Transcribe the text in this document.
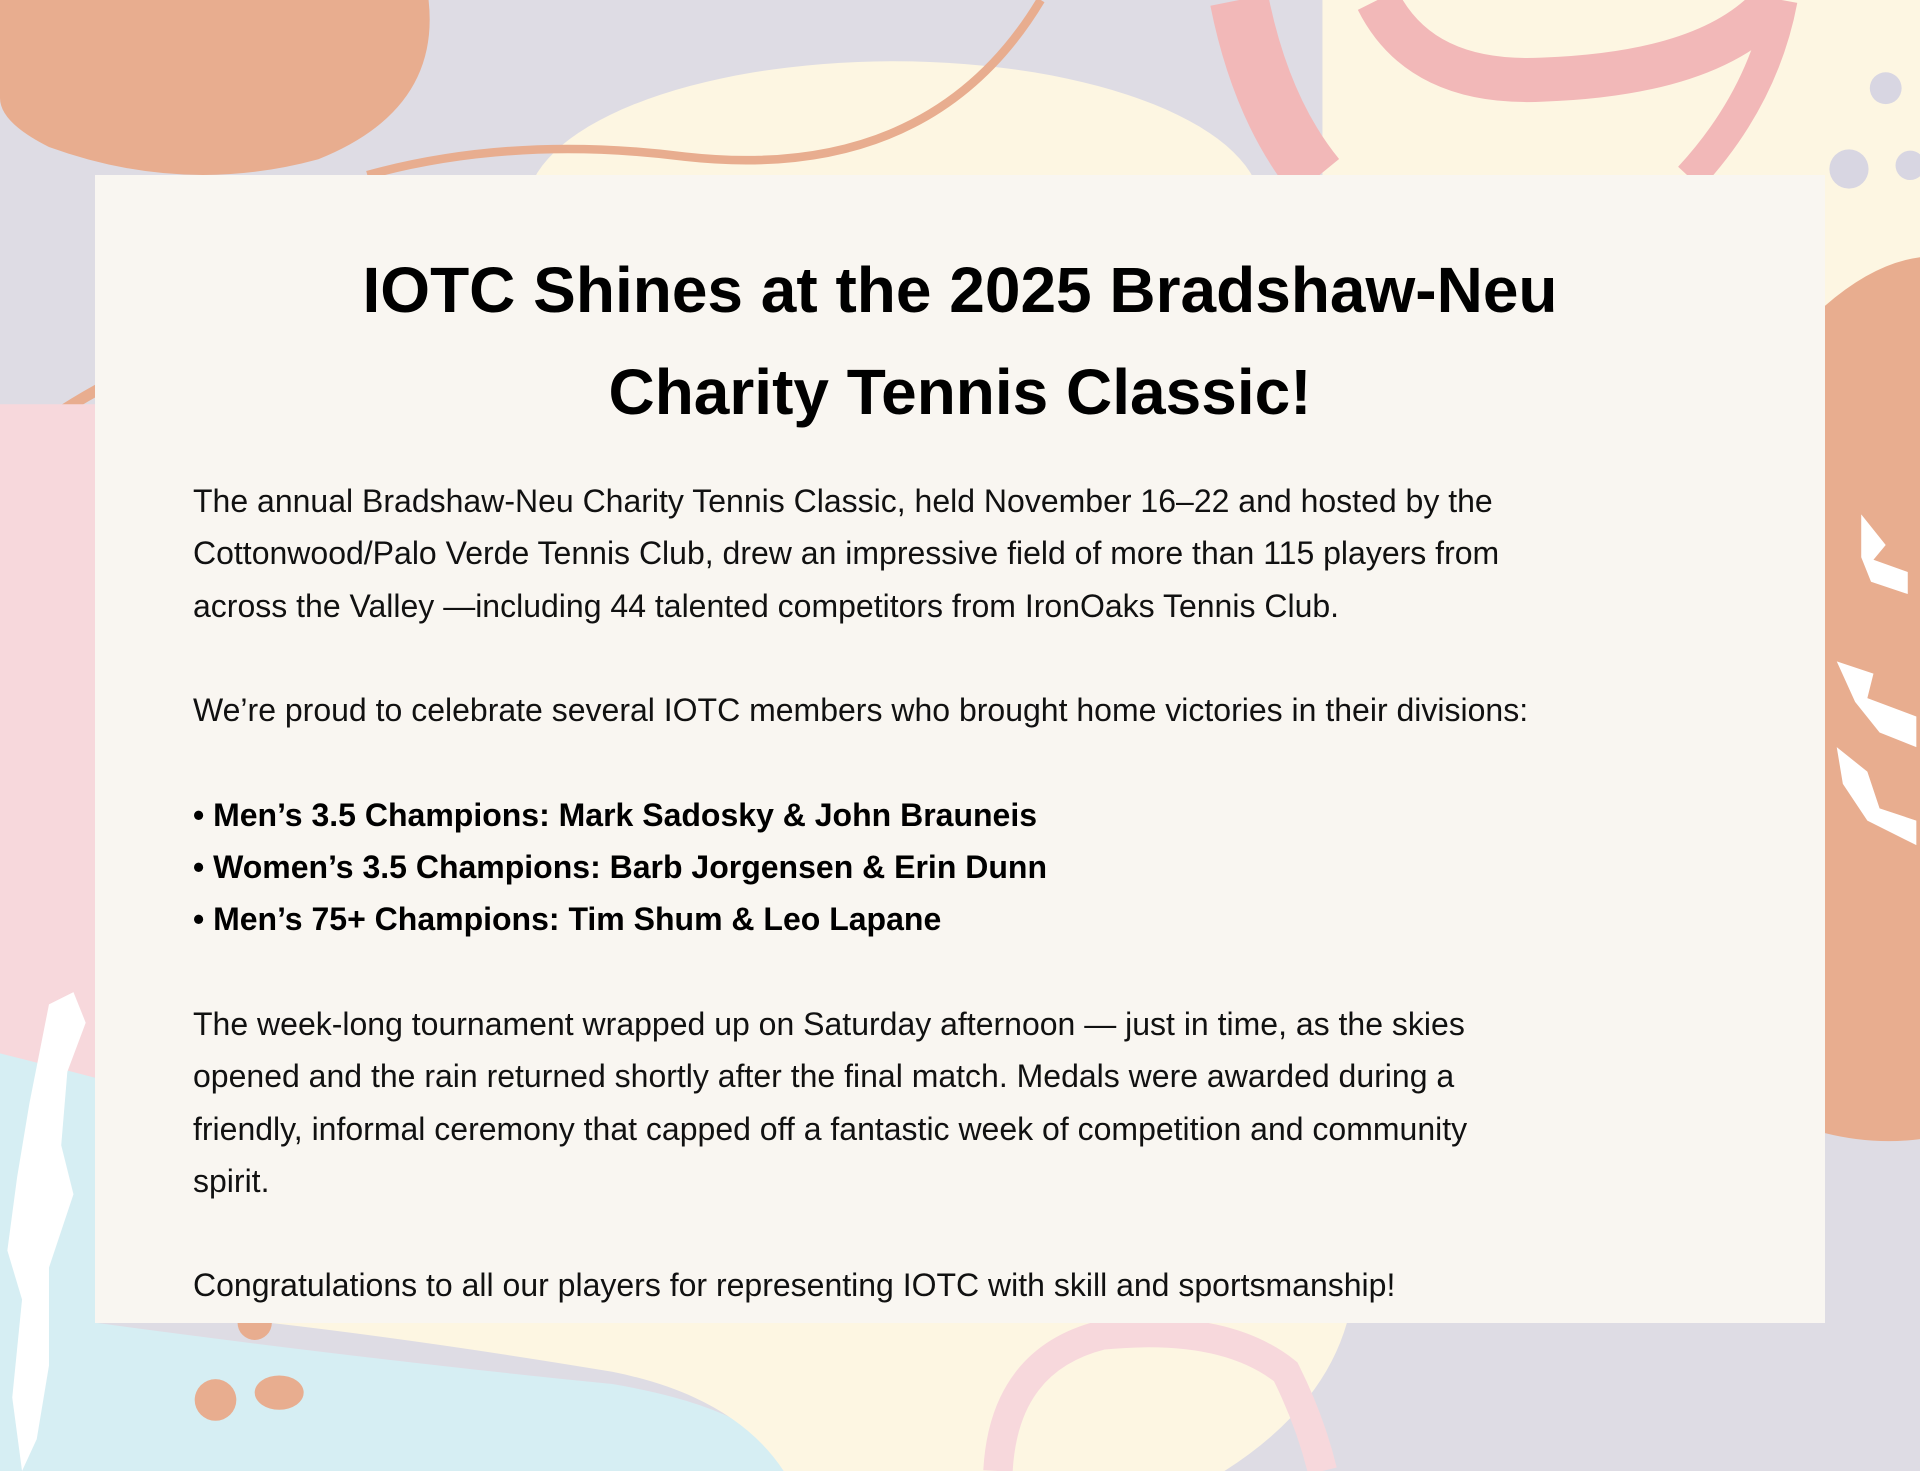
IOTC Shines at the 2025 Bradshaw-Neu
Charity Tennis Classic!
The annual Bradshaw-Neu Charity Tennis Classic, held November 16–22 and hosted by the
Cottonwood/Palo Verde Tennis Club, drew an impressive field of more than 115 players from
across the Valley —including 44 talented competitors from IronOaks Tennis Club.
We’re proud to celebrate several IOTC members who brought home victories in their divisions:
• Men’s 3.5 Champions: Mark Sadosky & John Brauneis
• Women’s 3.5 Champions: Barb Jorgensen & Erin Dunn
• Men’s 75+ Champions: Tim Shum & Leo Lapane
The week-long tournament wrapped up on Saturday afternoon — just in time, as the skies
opened and the rain returned shortly after the final match. Medals were awarded during a
friendly, informal ceremony that capped off a fantastic week of competition and community
spirit.
Congratulations to all our players for representing IOTC with skill and sportsmanship!
